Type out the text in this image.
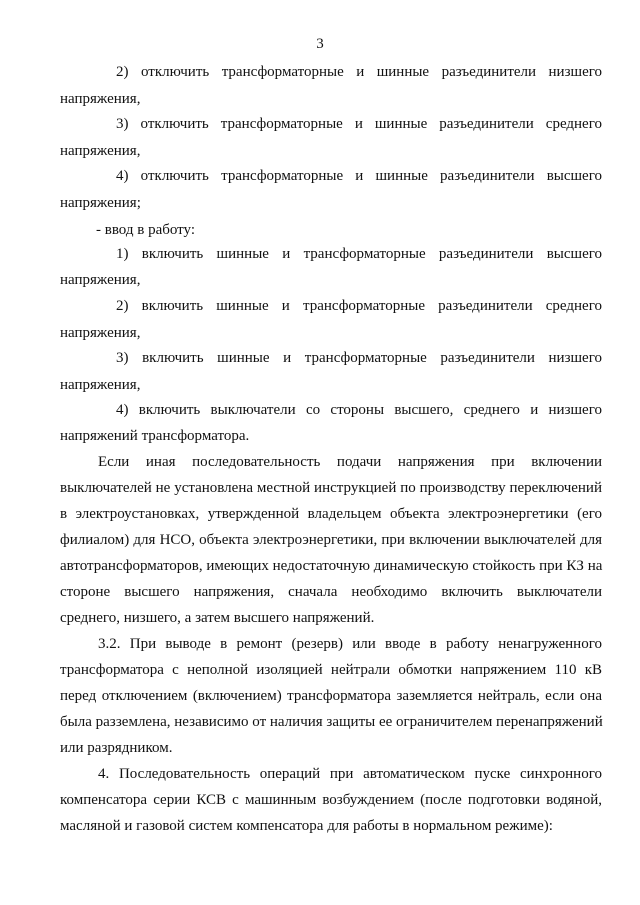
3
2) отключить трансформаторные и шинные разъединители низшего
напряжения,
3) отключить трансформаторные и шинные разъединители среднего
напряжения,
4) отключить трансформаторные и шинные разъединители высшего
напряжения;
- ввод в работу:
1) включить шинные и трансформаторные разъединители высшего
напряжения,
2) включить шинные и трансформаторные разъединители среднего
напряжения,
3) включить шинные и трансформаторные разъединители низшего
напряжения,
4) включить выключатели со стороны высшего, среднего и низшего
напряжений трансформатора.
Если иная последовательность подачи напряжения при включении
выключателей не установлена местной инструкцией по производству переключений
в электроустановках, утвержденной владельцем объекта электроэнергетики (его
филиалом) для НСО, объекта электроэнергетики, при включении выключателей для
автотрансформаторов, имеющих недостаточную динамическую стойкость при КЗ на
стороне высшего напряжения, сначала необходимо включить выключатели
среднего, низшего, а затем высшего напряжений.
3.2. При выводе в ремонт (резерв) или вводе в работу ненагруженного
трансформатора с неполной изоляцией нейтрали обмотки напряжением 110 кВ
перед отключением (включением) трансформатора заземляется нейтраль, если она
была разземлена, независимо от наличия защиты ее ограничителем перенапряжений
или разрядником.
4. Последовательность операций при автоматическом пуске синхронного
компенсатора серии КСВ с машинным возбуждением (после подготовки водяной,
масляной и газовой систем компенсатора для работы в нормальном режиме):
